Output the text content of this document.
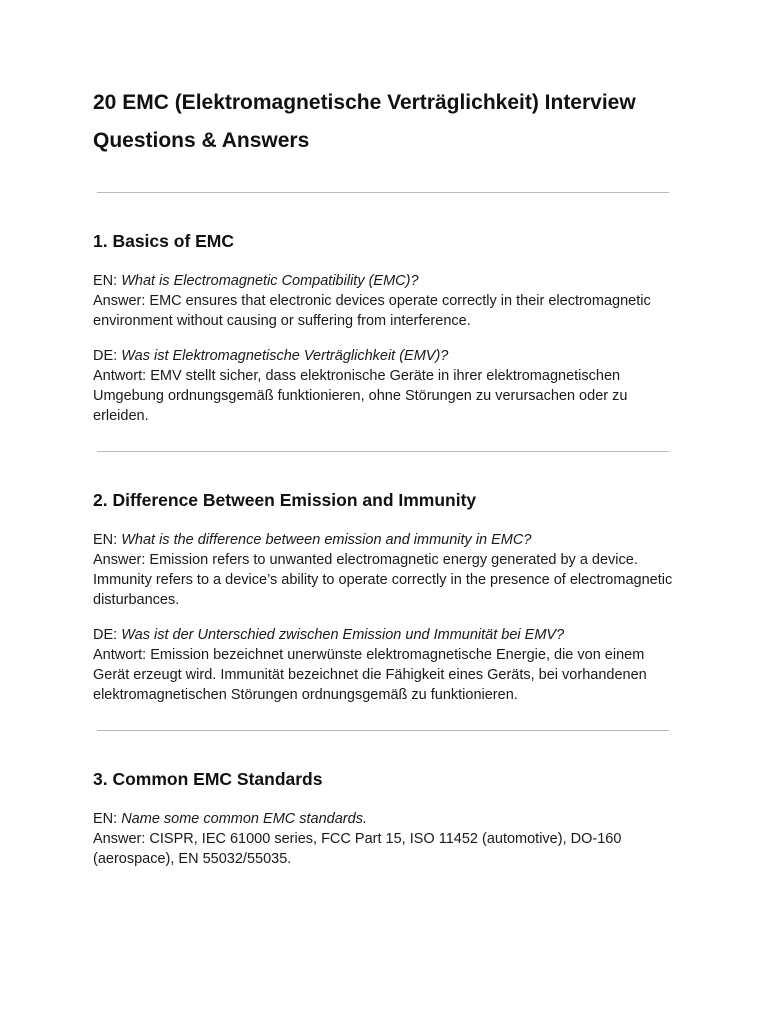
20 EMC (Elektromagnetische Verträglichkeit) Interview Questions & Answers
1. Basics of EMC

EN: What is Electromagnetic Compatibility (EMC)?
Answer: EMC ensures that electronic devices operate correctly in their electromagnetic environment without causing or suffering from interference.

DE: Was ist Elektromagnetische Verträglichkeit (EMV)?
Antwort: EMV stellt sicher, dass elektronische Geräte in ihrer elektromagnetischen Umgebung ordnungsgemäß funktionieren, ohne Störungen zu verursachen oder zu erleiden.

2. Difference Between Emission and Immunity

EN: What is the difference between emission and immunity in EMC?
Answer: Emission refers to unwanted electromagnetic energy generated by a device. Immunity refers to a device’s ability to operate correctly in the presence of electromagnetic disturbances.

DE: Was ist der Unterschied zwischen Emission und Immunität bei EMV?
Antwort: Emission bezeichnet unerwünste elektromagnetische Energie, die von einem Gerät erzeugt wird. Immunität bezeichnet die Fähigkeit eines Geräts, bei vorhandenen elektromagnetischen Störungen ordnungsgemäß zu funktionieren.

3. Common EMC Standards

EN: Name some common EMC standards.
Answer: CISPR, IEC 61000 series, FCC Part 15, ISO 11452 (automotive), DO-160 (aerospace), EN 55032/55035.
